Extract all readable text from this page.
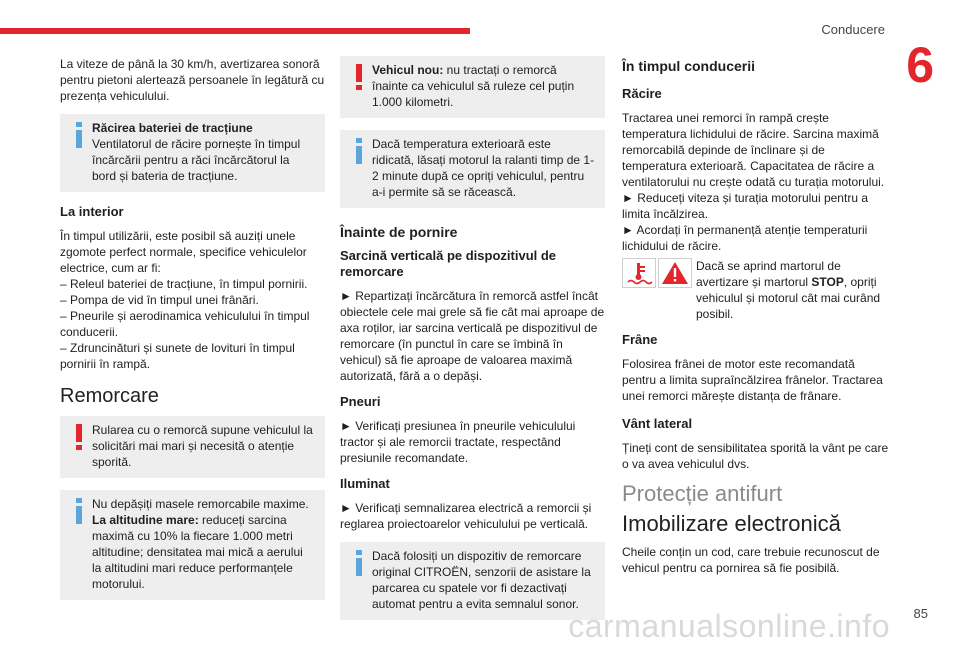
Conducere
6

La viteze de până la 30 km/h, avertizarea sonoră pentru pietoni alertează persoanele în legătură cu prezența vehiculului.

Răcirea bateriei de tracțiune
Ventilatorul de răcire pornește în timpul încărcării pentru a răci încărcătorul la bord și bateria de tracțiune.
La interior

În timpul utilizării, este posibil să auziți unele zgomote perfect normale, specifice vehiculelor electrice, cum ar fi:

– Releul bateriei de tracțiune, în timpul pornirii.
– Pompa de vid în timpul unei frânări.
– Pneurile și aerodinamica vehiculului în timpul conducerii.
– Zdruncinături și sunete de lovituri în timpul pornirii în rampă.
Remorcare
Rularea cu o remorcă supune vehiculul la solicitări mai mari și necesită o atenție sporită.
Nu depășiți masele remorcabile maxime.
La altitudine mare: reduceți sarcina maximă cu 10% la fiecare 1.000 metri altitudine; densitatea mai mică a aerului la altitudini mari reduce performanțele motorului.
Vehicul nou: nu tractați o remorcă înainte ca vehiculul să ruleze cel puțin 1.000 kilometri.
Dacă temperatura exterioară este ridicată, lăsați motorul la ralanti timp de 1-2 minute după ce opriți vehiculul, pentru a-i permite să se răcească.
Înainte de pornire
Sarcină verticală pe dispozitivul de remorcare

► Repartizați încărcătura în remorcă astfel încât obiectele cele mai grele să fie cât mai aproape de axa roților, iar sarcina verticală pe dispozitivul de remorcare (în punctul în care se îmbină în vehicul) să fie aproape de valoarea maximă autorizată, fără a o depăși.

Pneuri

► Verificați presiunea în pneurile vehiculului tractor și ale remorcii tractate, respectând presiunile recomandate.

Iluminat

► Verificați semnalizarea electrică a remorcii și reglarea proiectoarelor vehiculului pe verticală.

Dacă folosiți un dispozitiv de remorcare original CITROËN, senzorii de asistare la parcarea cu spatele vor fi dezactivați automat pentru a evita semnalul sonor.
În timpul conducerii
Răcire

Tractarea unei remorci în rampă crește temperatura lichidului de răcire. Sarcina maximă remorcabilă depinde de înclinare și de temperatura exterioară. Capacitatea de răcire a ventilatorului nu crește odată cu turația motorului.

► Reduceți viteza și turația motorului pentru a limita încălzirea.
► Acordați în permanență atenție temperaturii lichidului de răcire.
Dacă se aprind martorul de avertizare și martorul STOP, opriți vehiculul și motorul cât mai curând posibil.
Frâne

Folosirea frânei de motor este recomandată pentru a limita supraîncălzirea frânelor. Tractarea unei remorci mărește distanța de frânare.

Vânt lateral

Țineți cont de sensibilitatea sporită la vânt pe care o va avea vehiculul dvs.

Protecție antifurt
Imobilizare electronică

Cheile conțin un cod, care trebuie recunoscut de vehicul pentru ca pornirea să fie posibilă.

carmanualsonline.info 85
